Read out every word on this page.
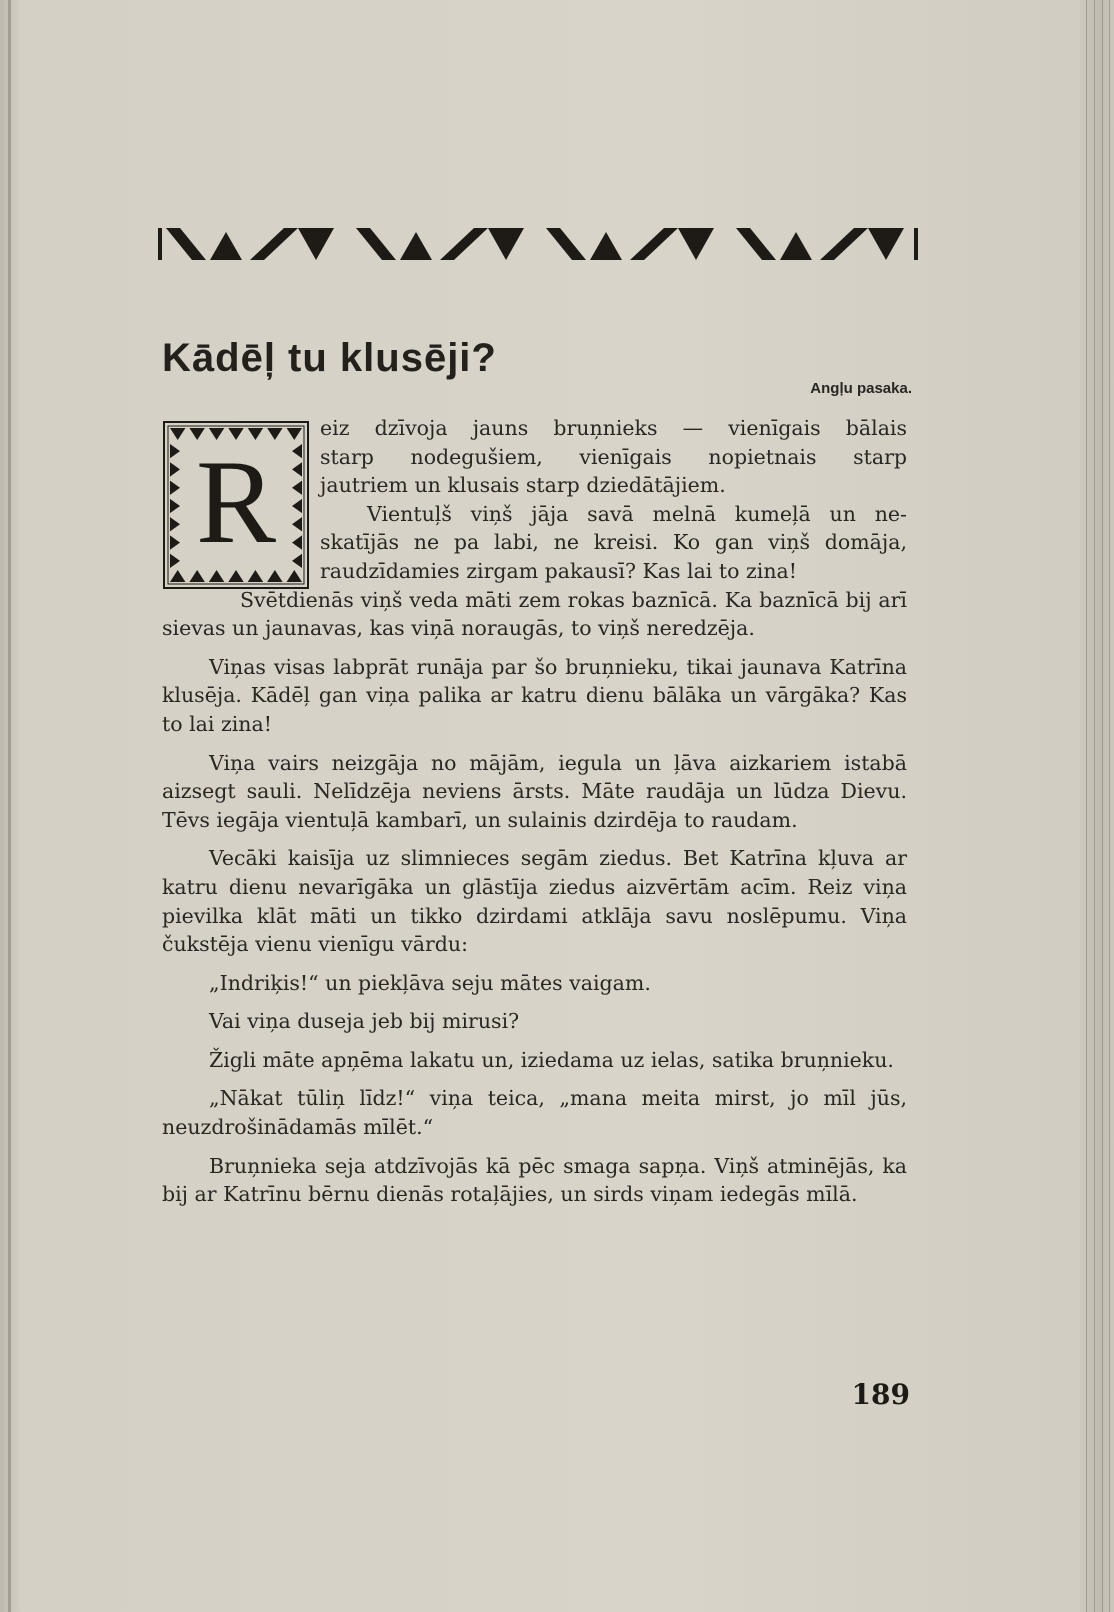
Kādēļ tu klusēji?
Angļu pasaka.
R

eiz dzīvoja jauns bruņnieks — vienīgais bālais

starp nodegušiem, vienīgais nopietnais starp

jautriem un klusais starp dziedātājiem.

Vientuļš viņš jāja savā melnā kumeļā un ne-

skatījās ne pa labi, ne kreisi. Ko gan viņš domāja,

raudzīdamies zirgam pakausī? Kas lai to zina!

Svētdienās viņš veda māti zem rokas baznīcā. Ka baznīcā bij arī sievas un jaunavas, kas viņā noraugās, to viņš neredzēja.

Viņas visas labprāt runāja par šo bruņnieku, tikai jaunava Katrīna klusēja. Kādēļ gan viņa palika ar katru dienu bālāka un vārgāka? Kas to lai zina!

Viņa vairs neizgāja no mājām, iegula un ļāva aizkariem istabā aizsegt sauli. Nelīdzēja neviens ārsts. Māte raudāja un lūdza Dievu. Tēvs iegāja vientuļā kambarī, un sulainis dzirdēja to raudam.

Vecāki kaisīja uz slimnieces segām ziedus. Bet Katrīna kļuva ar katru dienu nevarīgāka un glāstīja ziedus aizvērtām acīm. Reiz viņa pievilka klāt māti un tikko dzirdami atklāja savu noslēpumu. Viņa čukstēja vienu vienīgu vārdu:

„Indriķis!“ un piekļāva seju mātes vaigam.

Vai viņa duseja jeb bij mirusi?

Žigli māte apņēma lakatu un, iziedama uz ielas, satika bruņnieku.

„Nākat tūliņ līdz!“ viņa teica, „mana meita mirst, jo mīl jūs, neuzdrošinādamās mīlēt.“

Bruņnieka seja atdzīvojās kā pēc smaga sapņa. Viņš atminējās, ka bij ar Katrīnu bērnu dienās rotaļājies, un sirds viņam iedegās mīlā.

189
